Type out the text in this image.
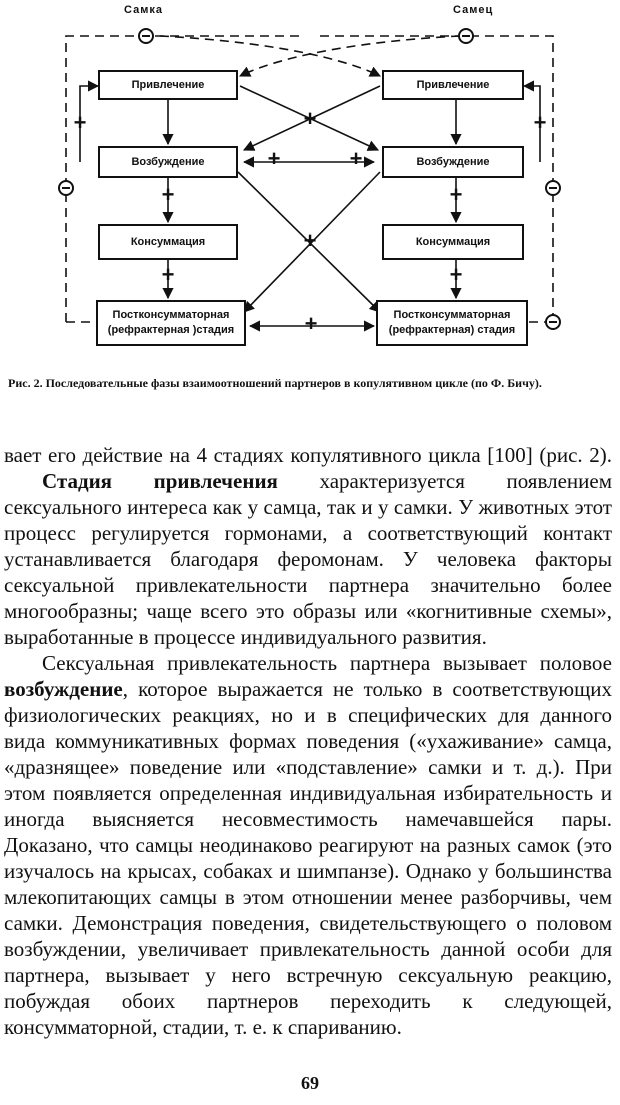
Самка	Самец
Привлечение
Возбуждение
Консуммация
Постконсумматорная
(рефрактерная )стадия
Привлечение
Возбуждение
Консуммация
Постконсумматорная
(рефрактерная) стадия
+
+	+
+	+
+	+
+
+	+
+
Рис. 2. Последовательные фазы взаимоотношений партнеров в копулятивном цикле (по Ф. Бичу).

вает его действие на 4 стадиях копулятивного цикла [100] (рис. 2).

Стадия привлечения характеризуется появлением сексуального интереса как у самца, так и у самки. У животных этот процесс регулируется гормонами, а соответствующий контакт устанавливается благодаря феромонам. У человека факторы сексуальной привлекательности партнера значительно более многообразны; чаще всего это образы или «когнитивные схемы», выработанные в процессе индивидуального развития.

Сексуальная привлекательность партнера вызывает половое возбуждение, которое выражается не только в соответствующих физиологических реакциях, но и в специфических для данного вида коммуникативных формах поведения («ухаживание» самца, «дразнящее» поведение или «подставление» самки и т. д.). При этом появляется определенная индивидуальная избирательность и иногда выясняется несовместимость намечавшейся пары. Доказано, что самцы неодинаково реагируют на разных самок (это изучалось на крысах, собаках и шимпанзе). Однако у большинства млекопитающих самцы в этом отношении менее разборчивы, чем самки. Демонстрация поведения, свидетельствующего о половом возбуждении, увеличивает привлекательность данной особи для партнера, вызывает у него встречную сексуальную реакцию, побуждая обоих партнеров переходить к следующей, консумматорной, стадии, т. е. к спариванию.

69
